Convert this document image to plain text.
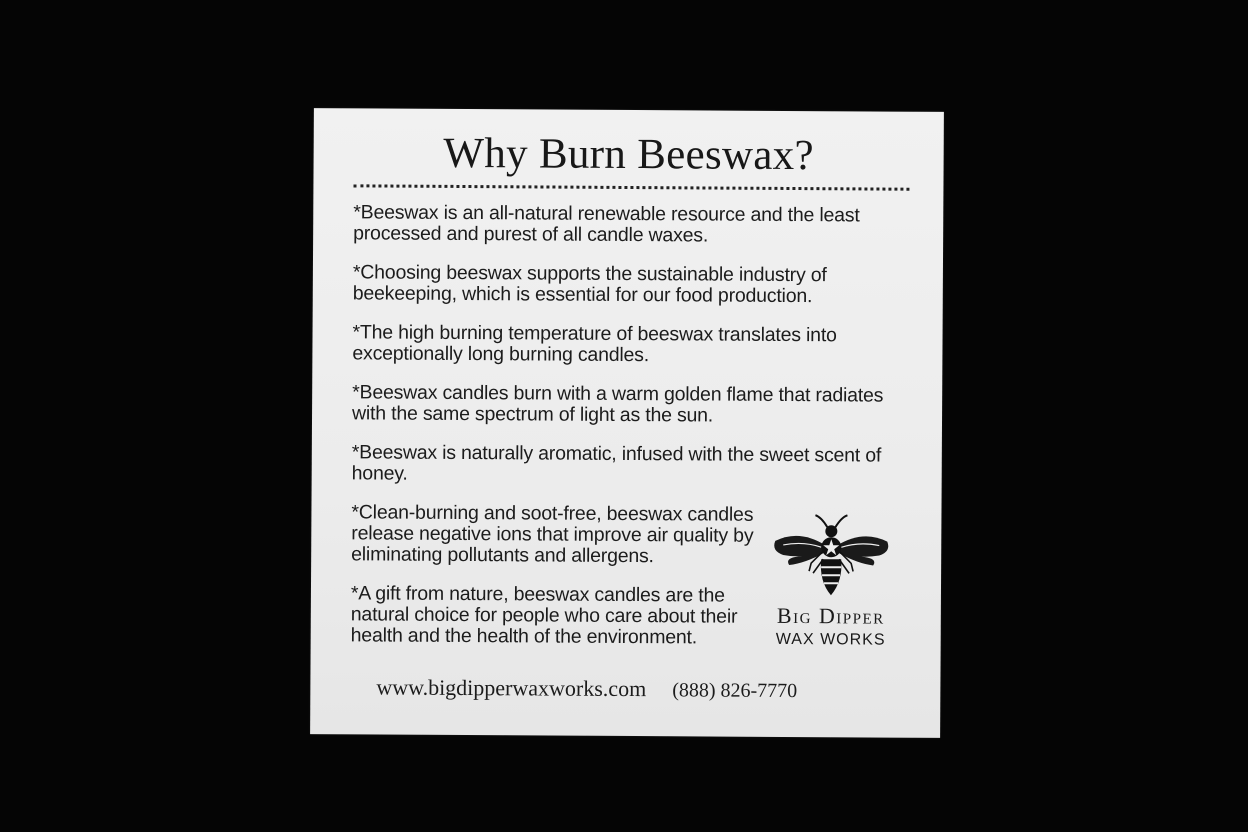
Why Burn Beeswax?

*Beeswax is an all-natural renewable resource and the least processed and purest of all candle waxes.

*Choosing beeswax supports the sustainable industry of beekeeping, which is essential for our food production.

*The high burning temperature of beeswax translates into exceptionally long burning candles.

*Beeswax candles burn with a warm golden flame that radiates with the same spectrum of light as the sun.

*Beeswax is naturally aromatic, infused with the sweet scent of honey.

*Clean-burning and soot-free, beeswax candles release negative ions that improve air quality by eliminating pollutants and allergens.

*A gift from nature, beeswax candles are the natural choice for people who care about their health and the health of the environment.

Big Dipper
WAX WORKS
www.bigdipperwaxworks.com (888) 826-7770
